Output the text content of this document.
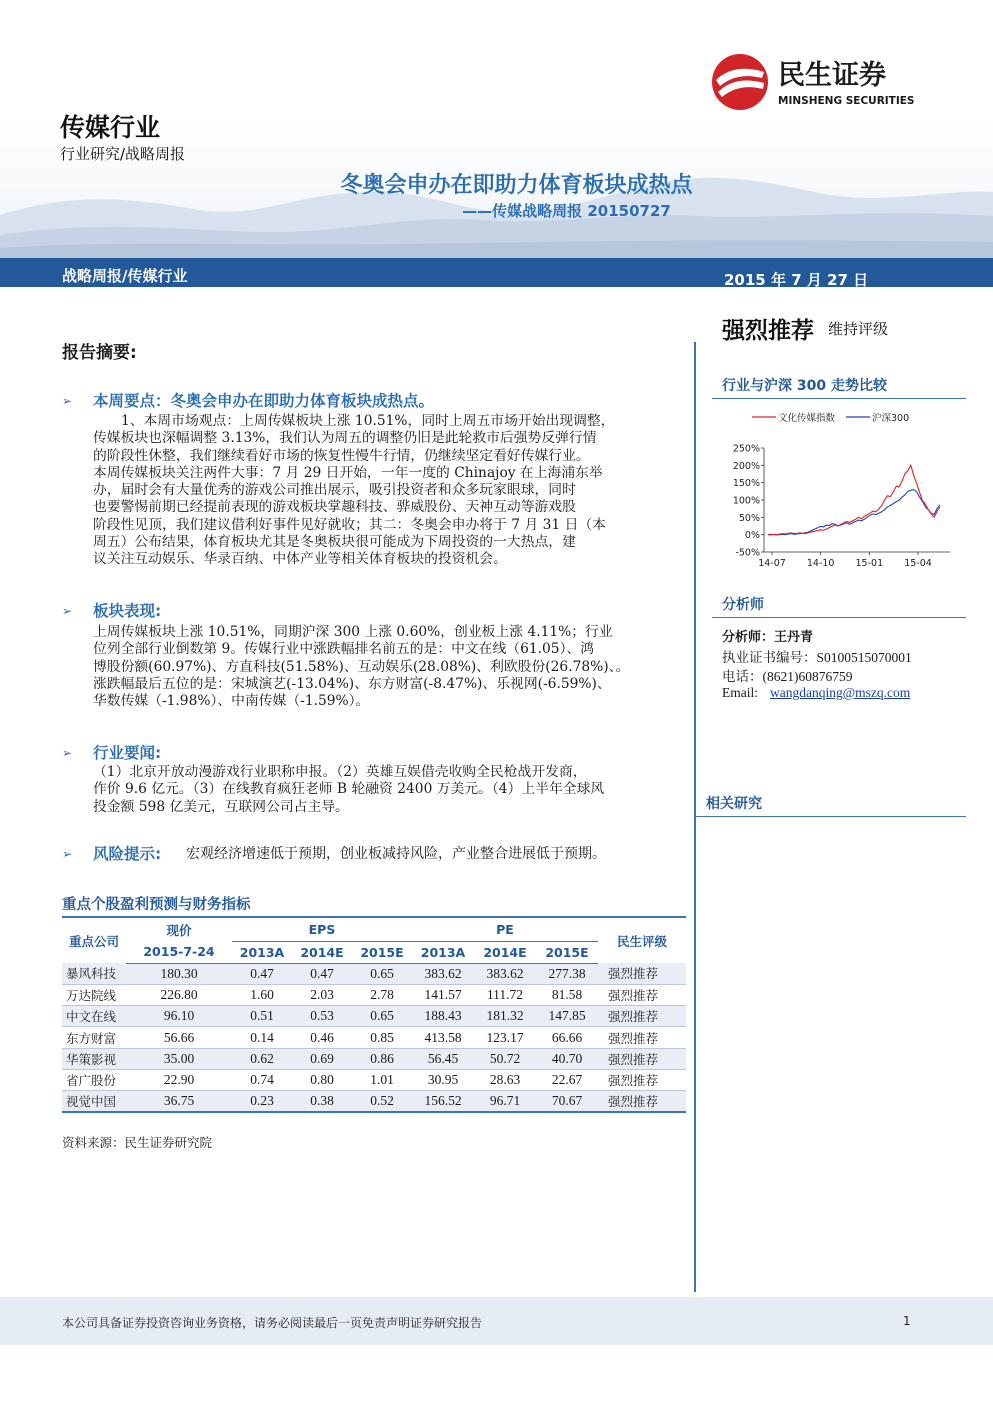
民生证券
MINSHENG SECURITIES
传媒行业
行业研究/战略周报
冬奥会申办在即助力体育板块成热点
——传媒战略周报 20150727
战略周报/传媒行业	2015 年 7 月 27 日
强烈推荐 维持评级
行业与沪深 300 走势比较
文化传媒指数	沪深300
250%
200%
150%
100%
50%
0%
-50%
14-07 14-10 15-01 15-04
分析师
分析师：王丹青
执业证书编号：S0100515070001
电话：(8621)60876759
Email: wangdanqing@mszq.com
相关研究
报告摘要:
➢ 本周要点：冬奥会申办在即助力体育板块成热点。
1、本周市场观点：上周传媒板块上涨 10.51%，同时上周五市场开始出现调整，
传媒板块也深幅调整 3.13%，我们认为周五的调整仍旧是此轮救市后强势反弹行情
的阶段性休整，我们继续看好市场的恢复性慢牛行情，仍继续坚定看好传媒行业。
本周传媒板块关注两件大事：7 月 29 日开始，一年一度的 Chinajoy 在上海浦东举
办，届时会有大量优秀的游戏公司推出展示，吸引投资者和众多玩家眼球，同时
也要警惕前期已经提前表现的游戏板块掌趣科技、骅威股份、天神互动等游戏股
阶段性见顶，我们建议借利好事件见好就收；其二：冬奥会申办将于 7 月 31 日（本
周五）公布结果，体育板块尤其是冬奥板块很可能成为下周投资的一大热点，建
议关注互动娱乐、华录百纳、中体产业等相关体育板块的投资机会。
➢ 板块表现:
上周传媒板块上涨 10.51%，同期沪深 300 上涨 0.60%，创业板上涨 4.11%；行业
位列全部行业倒数第 9。传媒行业中涨跌幅排名前五的是：中文在线（61.05）、鸿
博股份额(60.97%)、方直科技(51.58%)、互动娱乐(28.08%)、利欧股份(26.78%)、。
涨跌幅最后五位的是：宋城演艺(-13.04%)、东方财富(-8.47%)、乐视网(-6.59%)、
华数传媒（-1.98%）、中南传媒（-1.59%）。
➢ 行业要闻:
（1）北京开放动漫游戏行业职称申报。（2）英雄互娱借壳收购全民枪战开发商，
作价 9.6 亿元。（3）在线教育疯狂老师 B 轮融资 2400 万美元。（4）上半年全球风
投金额 598 亿美元，互联网公司占主导。
➢ 风险提示: 宏观经济增速低于预期，创业板减持风险，产业整合进展低于预期。
重点个股盈利预测与财务指标
重点公司	现价	EPS			PE			民生评级
	2015-7-24	2013A	2014E	2015E	2013A	2014E	2015E	
暴风科技	180.30	0.47	0.47	0.65	383.62	383.62	277.38	强烈推荐
万达院线	226.80	1.60	2.03	2.78	141.57	111.72	81.58	强烈推荐
中文在线	96.10	0.51	0.53	0.65	188.43	181.32	147.85	强烈推荐
东方财富	56.66	0.14	0.46	0.85	413.58	123.17	66.66	强烈推荐
华策影视	35.00	0.62	0.69	0.86	56.45	50.72	40.70	强烈推荐
省广股份	22.90	0.74	0.80	1.01	30.95	28.63	22.67	强烈推荐
视觉中国	36.75	0.23	0.38	0.52	156.52	96.71	70.67	强烈推荐
资料来源：民生证券研究院
本公司具备证券投资咨询业务资格，请务必阅读最后一页免责声明证券研究报告	1
